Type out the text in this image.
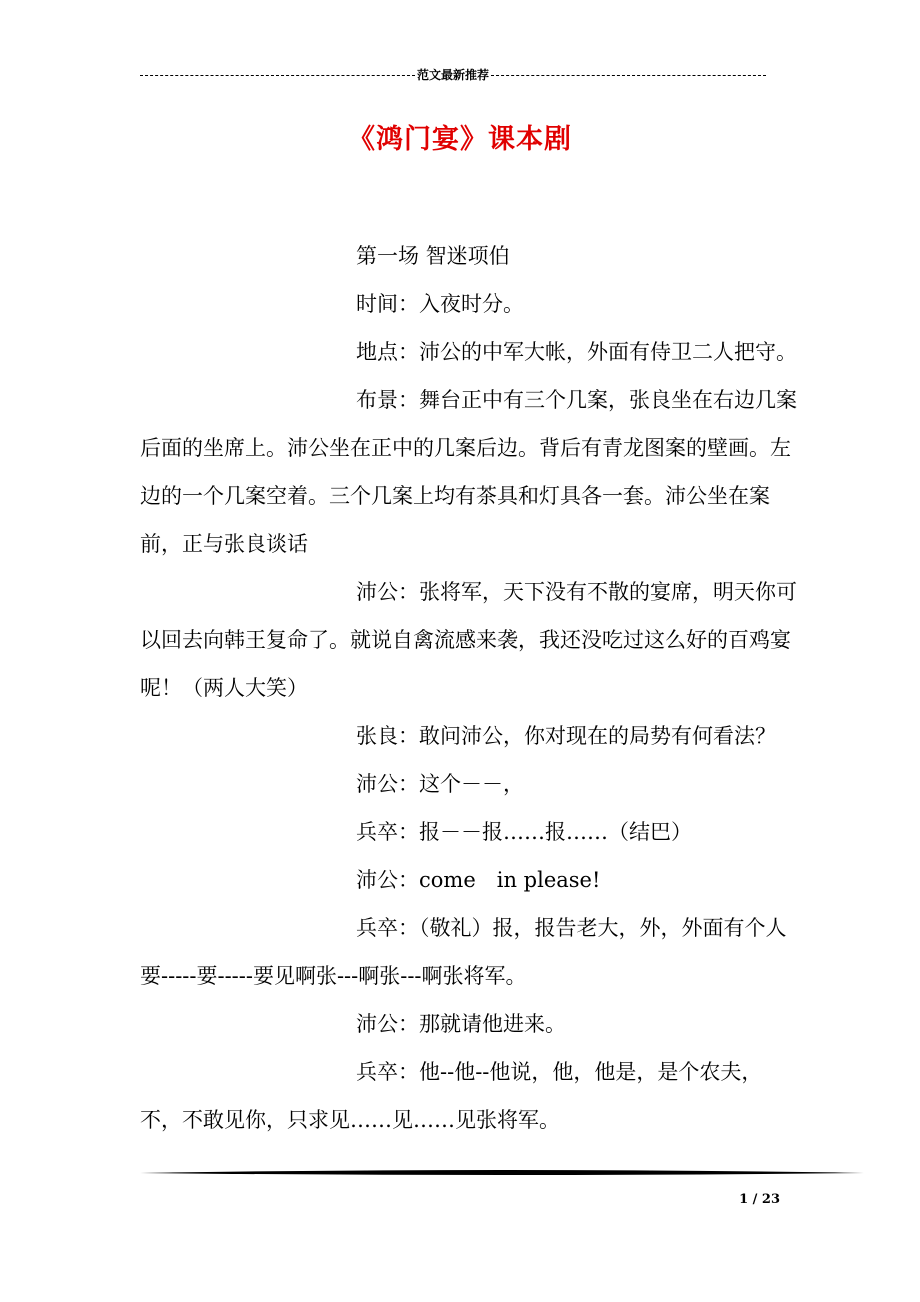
范文最新推荐
《鸿门宴》课本剧

第一场 智迷项伯

时间：入夜时分。

地点：沛公的中军大帐，外面有侍卫二人把守。

布景：舞台正中有三个几案，张良坐在右边几案后面的坐席上。沛公坐在正中的几案后边。背后有青龙图案的壁画。左边的一个几案空着。三个几案上均有茶具和灯具各一套。沛公坐在案前，正与张良谈话

沛公：张将军，天下没有不散的宴席，明天你可以回去向韩王复命了。就说自禽流感来袭，我还没吃过这么好的百鸡宴呢！（两人大笑）

张良：敢问沛公，你对现在的局势有何看法？

沛公：这个－－，

兵卒：报－－报……报……（结巴）

沛公：come　in please!

兵卒：（敬礼）报，报告老大，外，外面有个人要-----要-----要见啊张---啊张---啊张将军。

沛公：那就请他进来。

兵卒：他--他--他说，他，他是，是个农夫，不，不敢见你，只求见……见……见张将军。

1 / 23
